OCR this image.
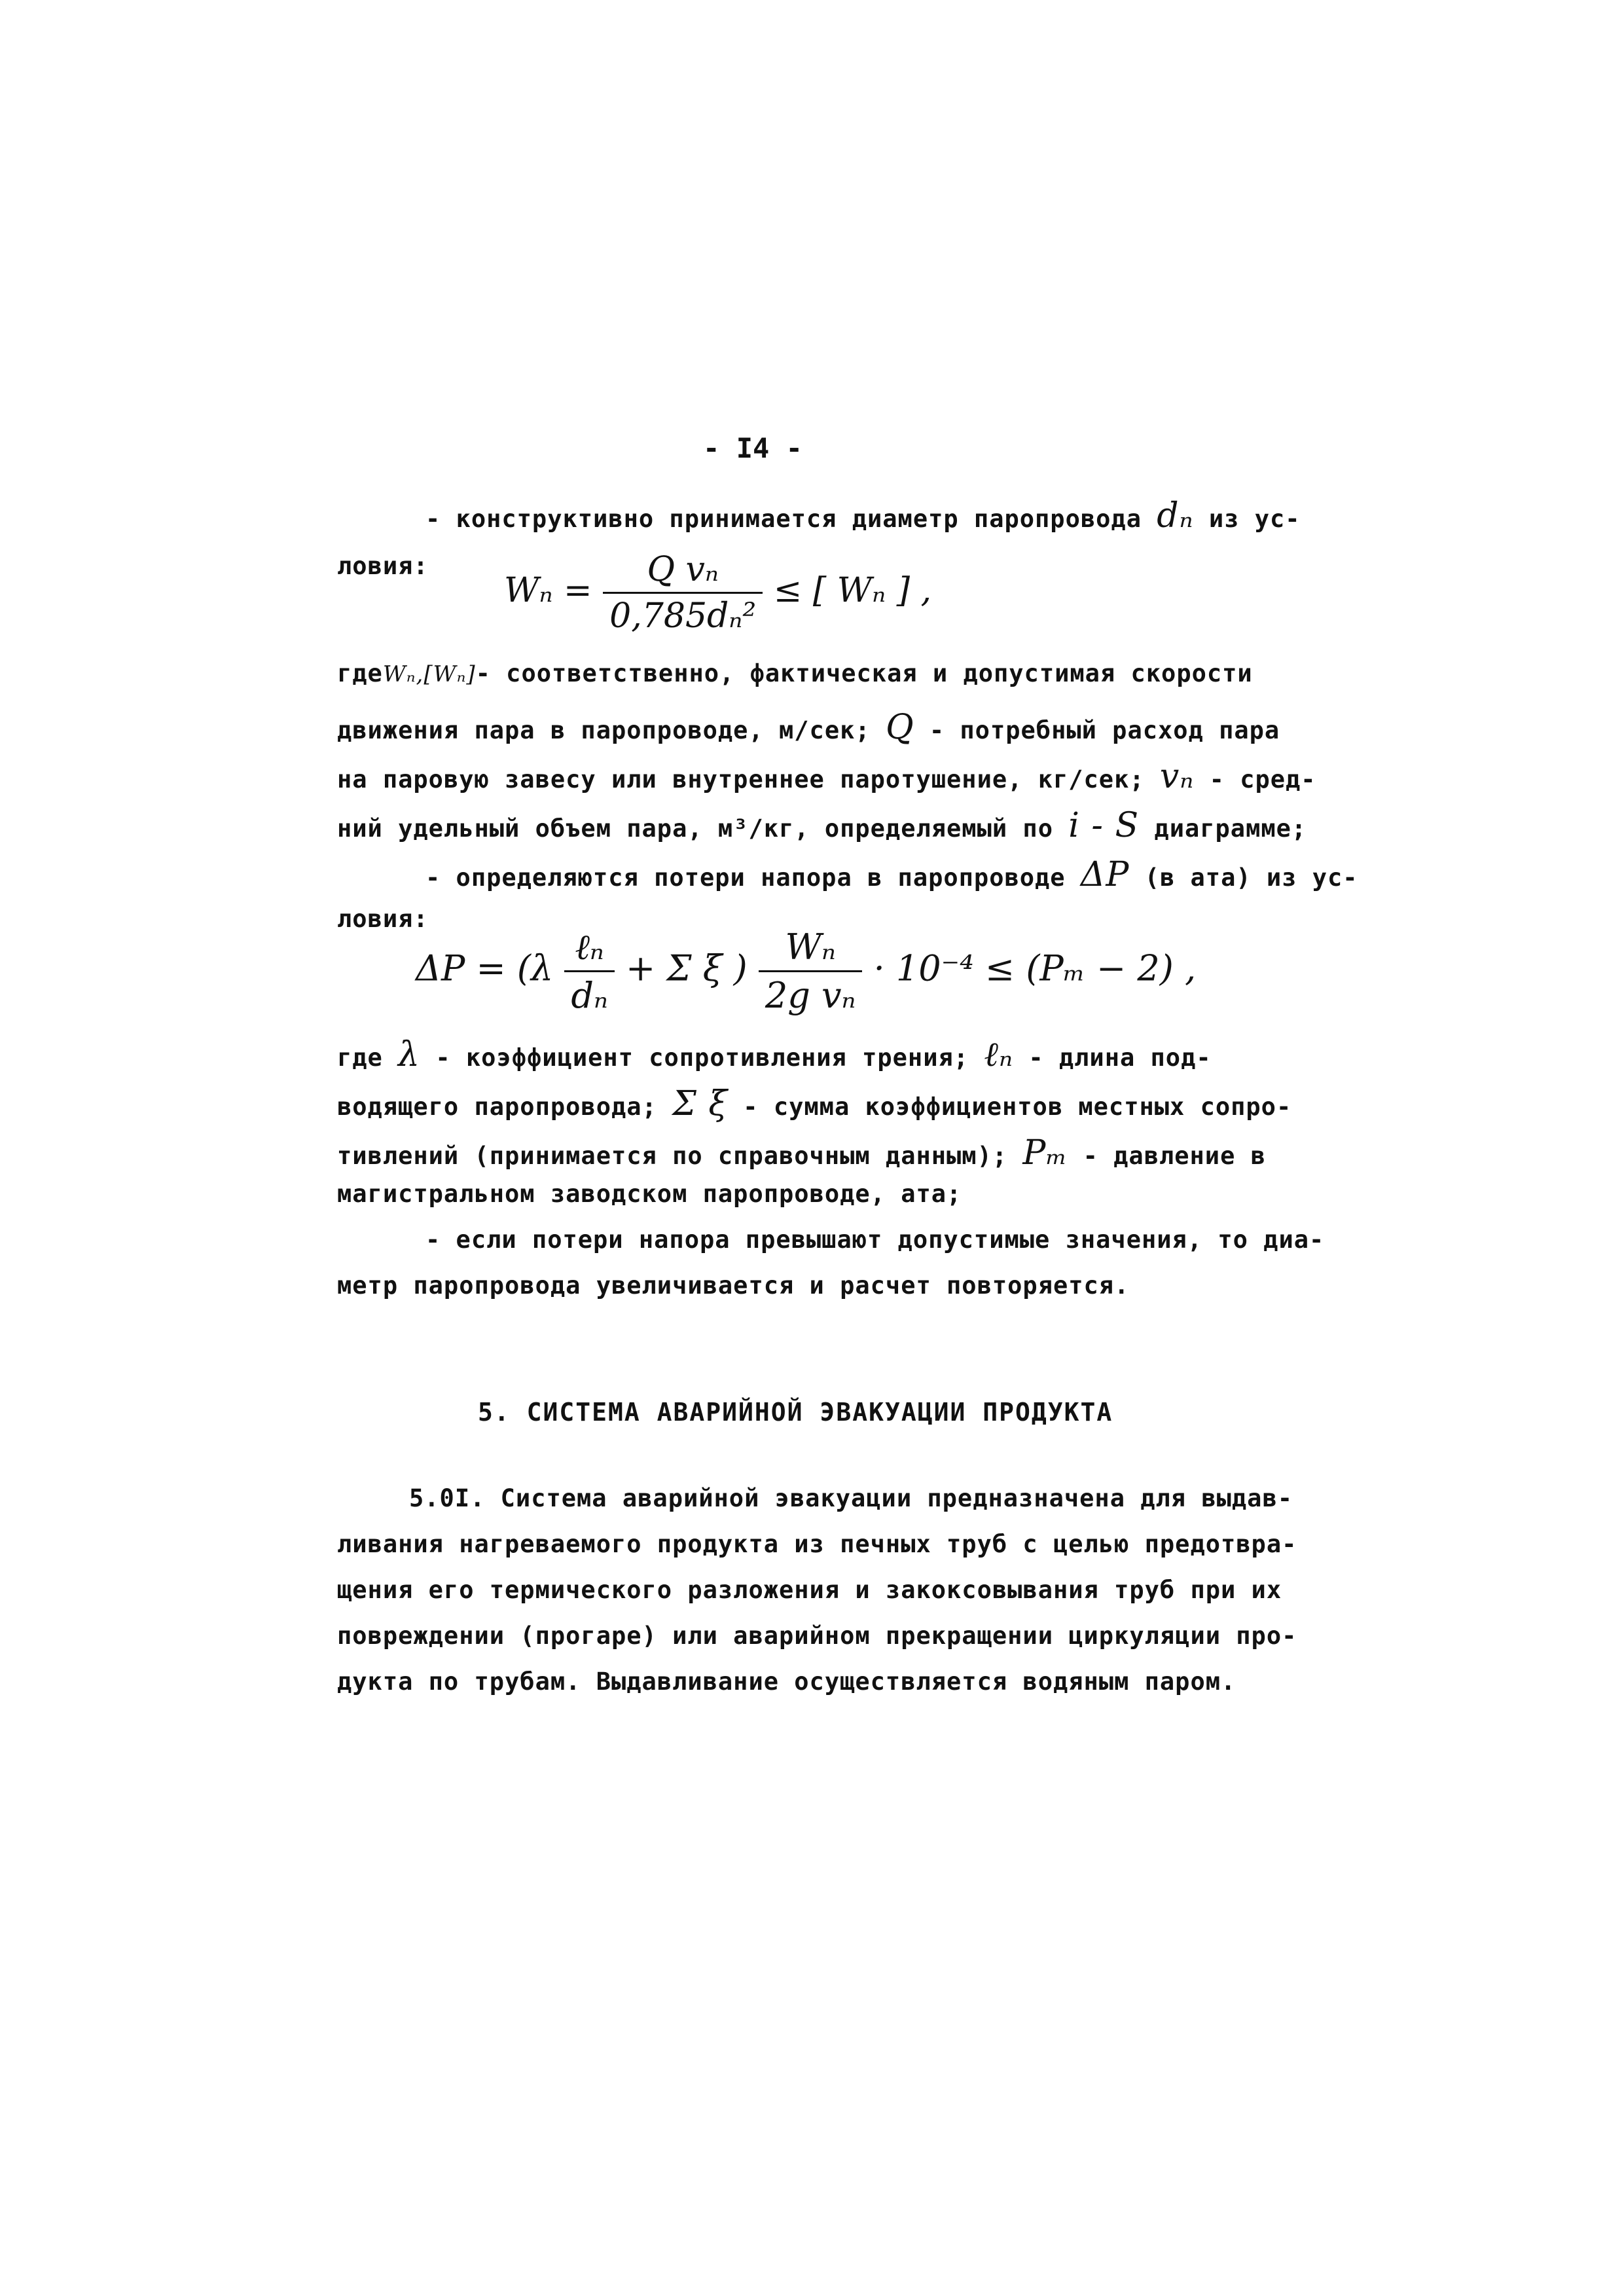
- I4 -
- конструктивно принимается диаметр паропровода dₙ из ус-
ловия:
$W_n = \frac{\text{Q vₙ}}{\text{0,785dₙ²}}$ ≤ [ Wₙ ] ,
гдеWₙ,[Wₙ]- соответственно, фактическая и допустимая скорости
движения пара в паропроводе, м/сек; Q - потребный расход пара
на паровую завесу или внутреннее паротушение, кг/сек; vₙ - сред-
ний удельный объем пара, м³/кг, определяемый по i - S диаграмме;
- определяются потери напора в паропроводе ΔP (в ата) из ус-
ловия:
$\Delta P = (\lambda \frac{\text{ℓₙ}}{\text{dₙ}} + \Sigma$ ξ ) $\frac{\text{Wₙ}}{\text{2g vₙ}} \cdot 10^{-4} \le (P_m - 2)$ ,
где λ - коэффициент сопротивления трения; ℓₙ - длина под-
водящего паропровода; Σ ξ - сумма коэффициентов местных сопро-
тивлений (принимается по справочным данным); Pₘ - давление в
магистральном заводском паропроводе, ата;
- если потери напора превышают допустимые значения, то диа-
метр паропровода увеличивается и расчет повторяется.
5. СИСТЕМА АВАРИЙНОЙ ЭВАКУАЦИИ ПРОДУКТА
5.0I. Система аварийной эвакуации предназначена для выдав-
ливания нагреваемого продукта из печных труб с целью предотвра-
щения его термического разложения и закоксовывания труб при их
повреждении (прогаре) или аварийном прекращении циркуляции про-
дукта по трубам. Выдавливание осуществляется водяным паром.
